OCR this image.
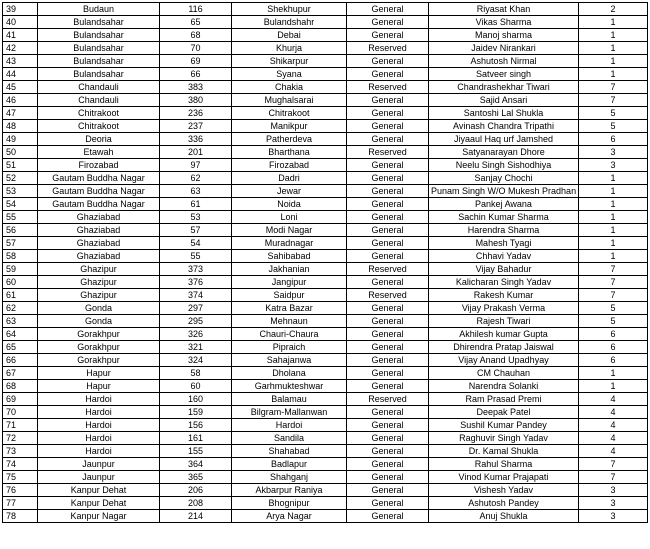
39	Budaun	116	Shekhupur	General	Riyasat Khan	2
40	Bulandsahar	65	Bulandshahr	General	Vikas Sharma	1
41	Bulandsahar	68	Debai	General	Manoj sharma	1
42	Bulandsahar	70	Khurja	Reserved	Jaidev Nirankari	1
43	Bulandsahar	69	Shikarpur	General	Ashutosh Nirmal	1
44	Bulandsahar	66	Syana	General	Satveer singh	1
45	Chandauli	383	Chakia	Reserved	Chandrashekhar Tiwari	7
46	Chandauli	380	Mughalsarai	General	Sajid Ansari	7
47	Chitrakoot	236	Chitrakoot	General	Santoshi Lal Shukla	5
48	Chitrakoot	237	Manikpur	General	Avinash Chandra Tripathi	5
49	Deoria	336	Patherdeva	General	Jiyaaul Haq urf Jamshed	6
50	Etawah	201	Bharthana	Reserved	Satyanarayan Dhore	3
51	Firozabad	97	Firozabad	General	Neelu Singh Sishodhiya	3
52	Gautam Buddha Nagar	62	Dadri	General	Sanjay Chochi	1
53	Gautam Buddha Nagar	63	Jewar	General	Punam Singh W/O Mukesh Pradhan	1
54	Gautam Buddha Nagar	61	Noida	General	Pankej Awana	1
55	Ghaziabad	53	Loni	General	Sachin Kumar Sharma	1
56	Ghaziabad	57	Modi Nagar	General	Harendra Sharma	1
57	Ghaziabad	54	Muradnagar	General	Mahesh Tyagi	1
58	Ghaziabad	55	Sahibabad	General	Chhavi Yadav	1
59	Ghazipur	373	Jakhanian	Reserved	Vijay Bahadur	7
60	Ghazipur	376	Jangipur	General	Kalicharan Singh Yadav	7
61	Ghazipur	374	Saidpur	Reserved	Rakesh Kumar	7
62	Gonda	297	Katra Bazar	General	Vijay Prakash Verma	5
63	Gonda	295	Mehnaun	General	Rajesh Tiwari	5
64	Gorakhpur	326	Chauri-Chaura	General	Akhilesh kumar Gupta	6
65	Gorakhpur	321	Pipraich	General	Dhirendra Pratap Jaiswal	6
66	Gorakhpur	324	Sahajanwa	General	Vijay Anand Upadhyay	6
67	Hapur	58	Dholana	General	CM Chauhan	1
68	Hapur	60	Garhmukteshwar	General	Narendra Solanki	1
69	Hardoi	160	Balamau	Reserved	Ram Prasad Premi	4
70	Hardoi	159	Bilgram-Mallanwan	General	Deepak Patel	4
71	Hardoi	156	Hardoi	General	Sushil Kumar Pandey	4
72	Hardoi	161	Sandila	General	Raghuvir Singh Yadav	4
73	Hardoi	155	Shahabad	General	Dr. Kamal Shukla	4
74	Jaunpur	364	Badlapur	General	Rahul Sharma	7
75	Jaunpur	365	Shahganj	General	Vinod Kumar Prajapati	7
76	Kanpur Dehat	206	Akbarpur Raniya	General	Vishesh Yadav	3
77	Kanpur Dehat	208	Bhognipur	General	Ashutosh Pandey	3
78	Kanpur Nagar	214	Arya Nagar	General	Anuj Shukla	3
